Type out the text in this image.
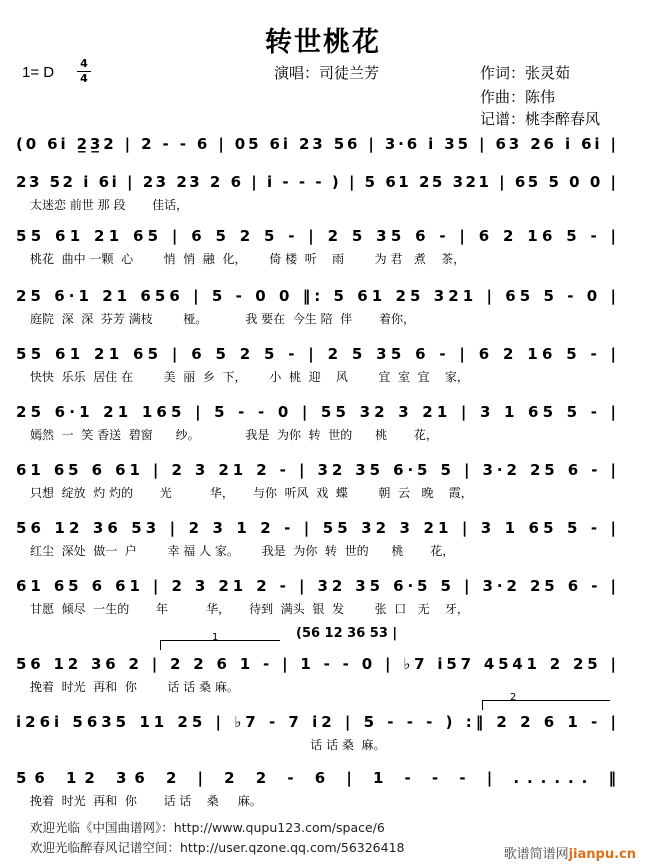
转世桃花
1= D
4
4	演唱：司徒兰芳	作词：张灵茹
作曲：陈伟
记谱：桃李醉春风
(0 6i 2̲3̲2 | 2 - - 6 | 05 6i 23 56 | 3·6 i 35 | 63 26 i 6i |
23 52 i 6i | 23 23 2 6 | i - - - ) | 5 61 25 321 | 65 5 0 0 |
太迷恋 前世 那 段       佳话，
55 61 21 65 | 6 5 2 5 - | 2 5 35 6 - | 6 2 16 5 - |
桃花  曲中 一颗  心        悄  悄  融  化，      倚 楼  听    雨        为 君   煮    茶，
25 6·1 21 656 | 5 - 0 0 ‖: 5 61 25 321 | 65 5 - 0 |
庭院  深  深  芬芳 满枝        桠。          我 要在  今生 陪  伴       着你，
55 61 21 65 | 6 5 2 5 - | 2 5 35 6 - | 6 2 16 5 - |
快快  乐乐  居住 在        美  丽  乡  下，      小  桃  迎    风        宜  室  宜    家，
25 6·1 21 165 | 5 - - 0 | 55 32 3 21 | 3 1 65 5 - |
嫣然  一  笑 香送  碧窗      纱。            我是  为你  转  世的      桃       花，
61 65 6 61 | 2 3 21 2 - | 32 35 6·5 5 | 3·2 25 6 - |
只想  绽放  灼 灼的       光          华，     与你  听风  戏  蝶        朝  云   晚    霞，
56 12 36 53 | 2 3 1 2 - | 55 32 3 21 | 3 1 65 5 - |
红尘  深处  做一  户        幸 福 人 家。      我是  为你  转  世的      桃       花，
61 65 6 61 | 2 3 21 2 - | 32 35 6·5 5 | 3·2 25 6 - |
甘愿  倾尽  一生的       年          华，     待到  满头  银  发        张  口   无    牙，
56 12 36 2 | 2 2 6 1 - | 1 - - 0 | ♭7 i57 4541 2 25 |
挽着  时光  再和  你        话 话 桑 麻。
i26i 5635 11 25 | ♭7 - 7 i2 | 5 - - - ) :‖ 2 2 6 1 - |
话 话 桑  麻。
56 12 36 2 | 2 2 - 6 | 1 - - - | ...... ‖
挽着  时光  再和  你       话 话    桑     麻。
(56 12 36 53 |
1
2
欢迎光临《中国曲谱网》：http://www.qupu123.com/space/6
欢迎光临醉春风记谱空间：http://user.qzone.qq.com/56326418	歌谱简谱网jianpu.cn
